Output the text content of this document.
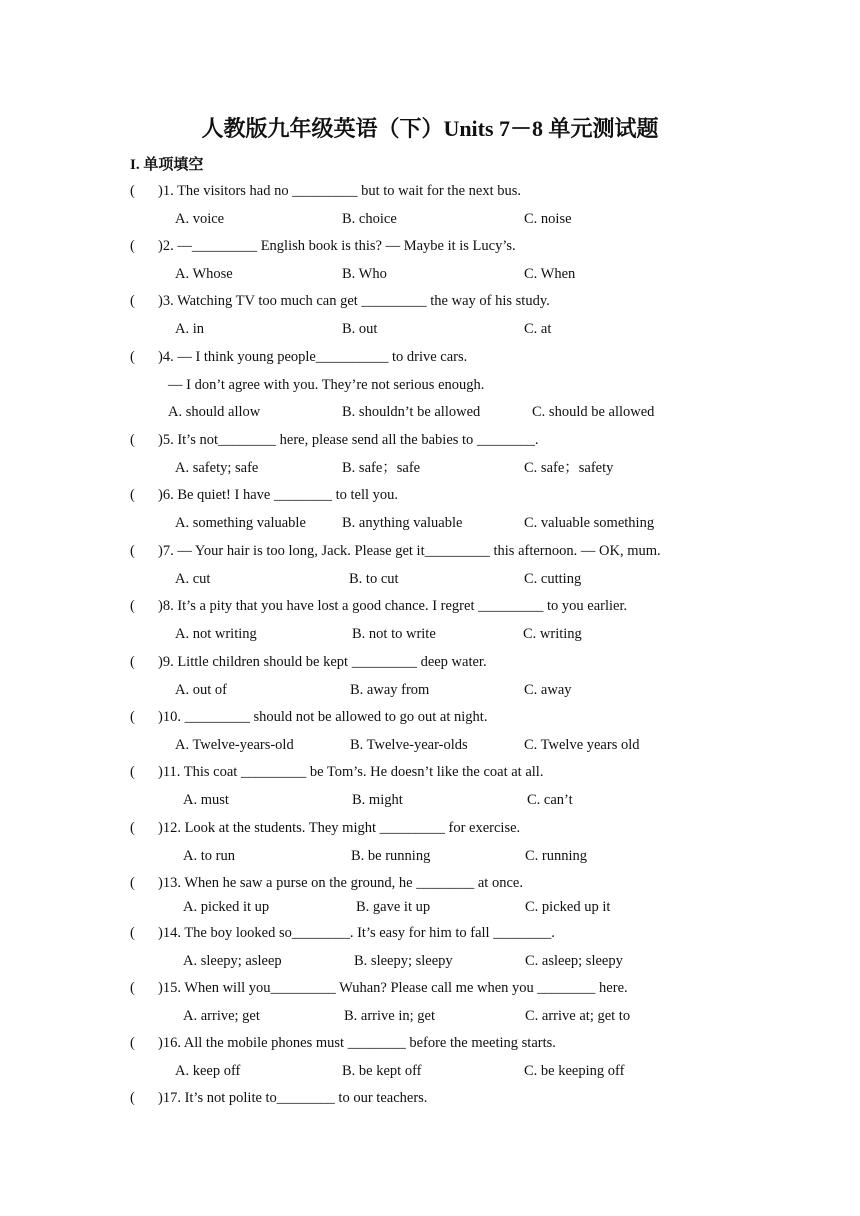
人教版九年级英语（下）Units 7－8 单元测试题
I. 单项填空
( )1. The visitors had no _________ but to wait for the next bus.
A. voice	B. choice	C. noise
( )2. —_________ English book is this? — Maybe it is Lucy’s.
A. Whose	B. Who	C. When
( )3. Watching TV too much can get _________ the way of his study.
A. in	B. out	C. at
( )4. — I think young people__________ to drive cars.
— I don’t agree with you. They’re not serious enough.
A. should allow	B. shouldn’t be allowed	C. should be allowed
( )5. It’s not________ here, please send all the babies to ________.
A. safety; safe	B. safe；safe	C. safe；safety
( )6. Be quiet! I have ________ to tell you.
A. something valuable B. anything valuable	C. valuable something
( )7. — Your hair is too long, Jack. Please get it_________ this afternoon. — OK, mum.
A. cut	B. to cut	C. cutting
( )8. It’s a pity that you have lost a good chance. I regret _________ to you earlier.
A. not writing	B. not to write	C. writing
( )9. Little children should be kept _________ deep water.
A. out of	B. away from	C. away
( )10. _________ should not be allowed to go out at night.
A. Twelve-years-old	B. Twelve-year-olds	C. Twelve years old
( )11. This coat _________ be Tom’s. He doesn’t like the coat at all.
A. must	B. might	C. can’t
( )12. Look at the students. They might _________ for exercise.
A. to run	B. be running	C. running
( )13. When he saw a purse on the ground, he ________ at once.
A. picked it up	B. gave it up	C. picked up it
( )14. The boy looked so________. It’s easy for him to fall ________.
A. sleepy; asleep	B. sleepy; sleepy	C. asleep; sleepy
( )15. When will you_________ Wuhan? Please call me when you ________ here.
A. arrive; get	B. arrive in; get	C. arrive at; get to
( )16. All the mobile phones must ________ before the meeting starts.
A. keep off	B. be kept off	C. be keeping off
( )17. It’s not polite to________ to our teachers.
